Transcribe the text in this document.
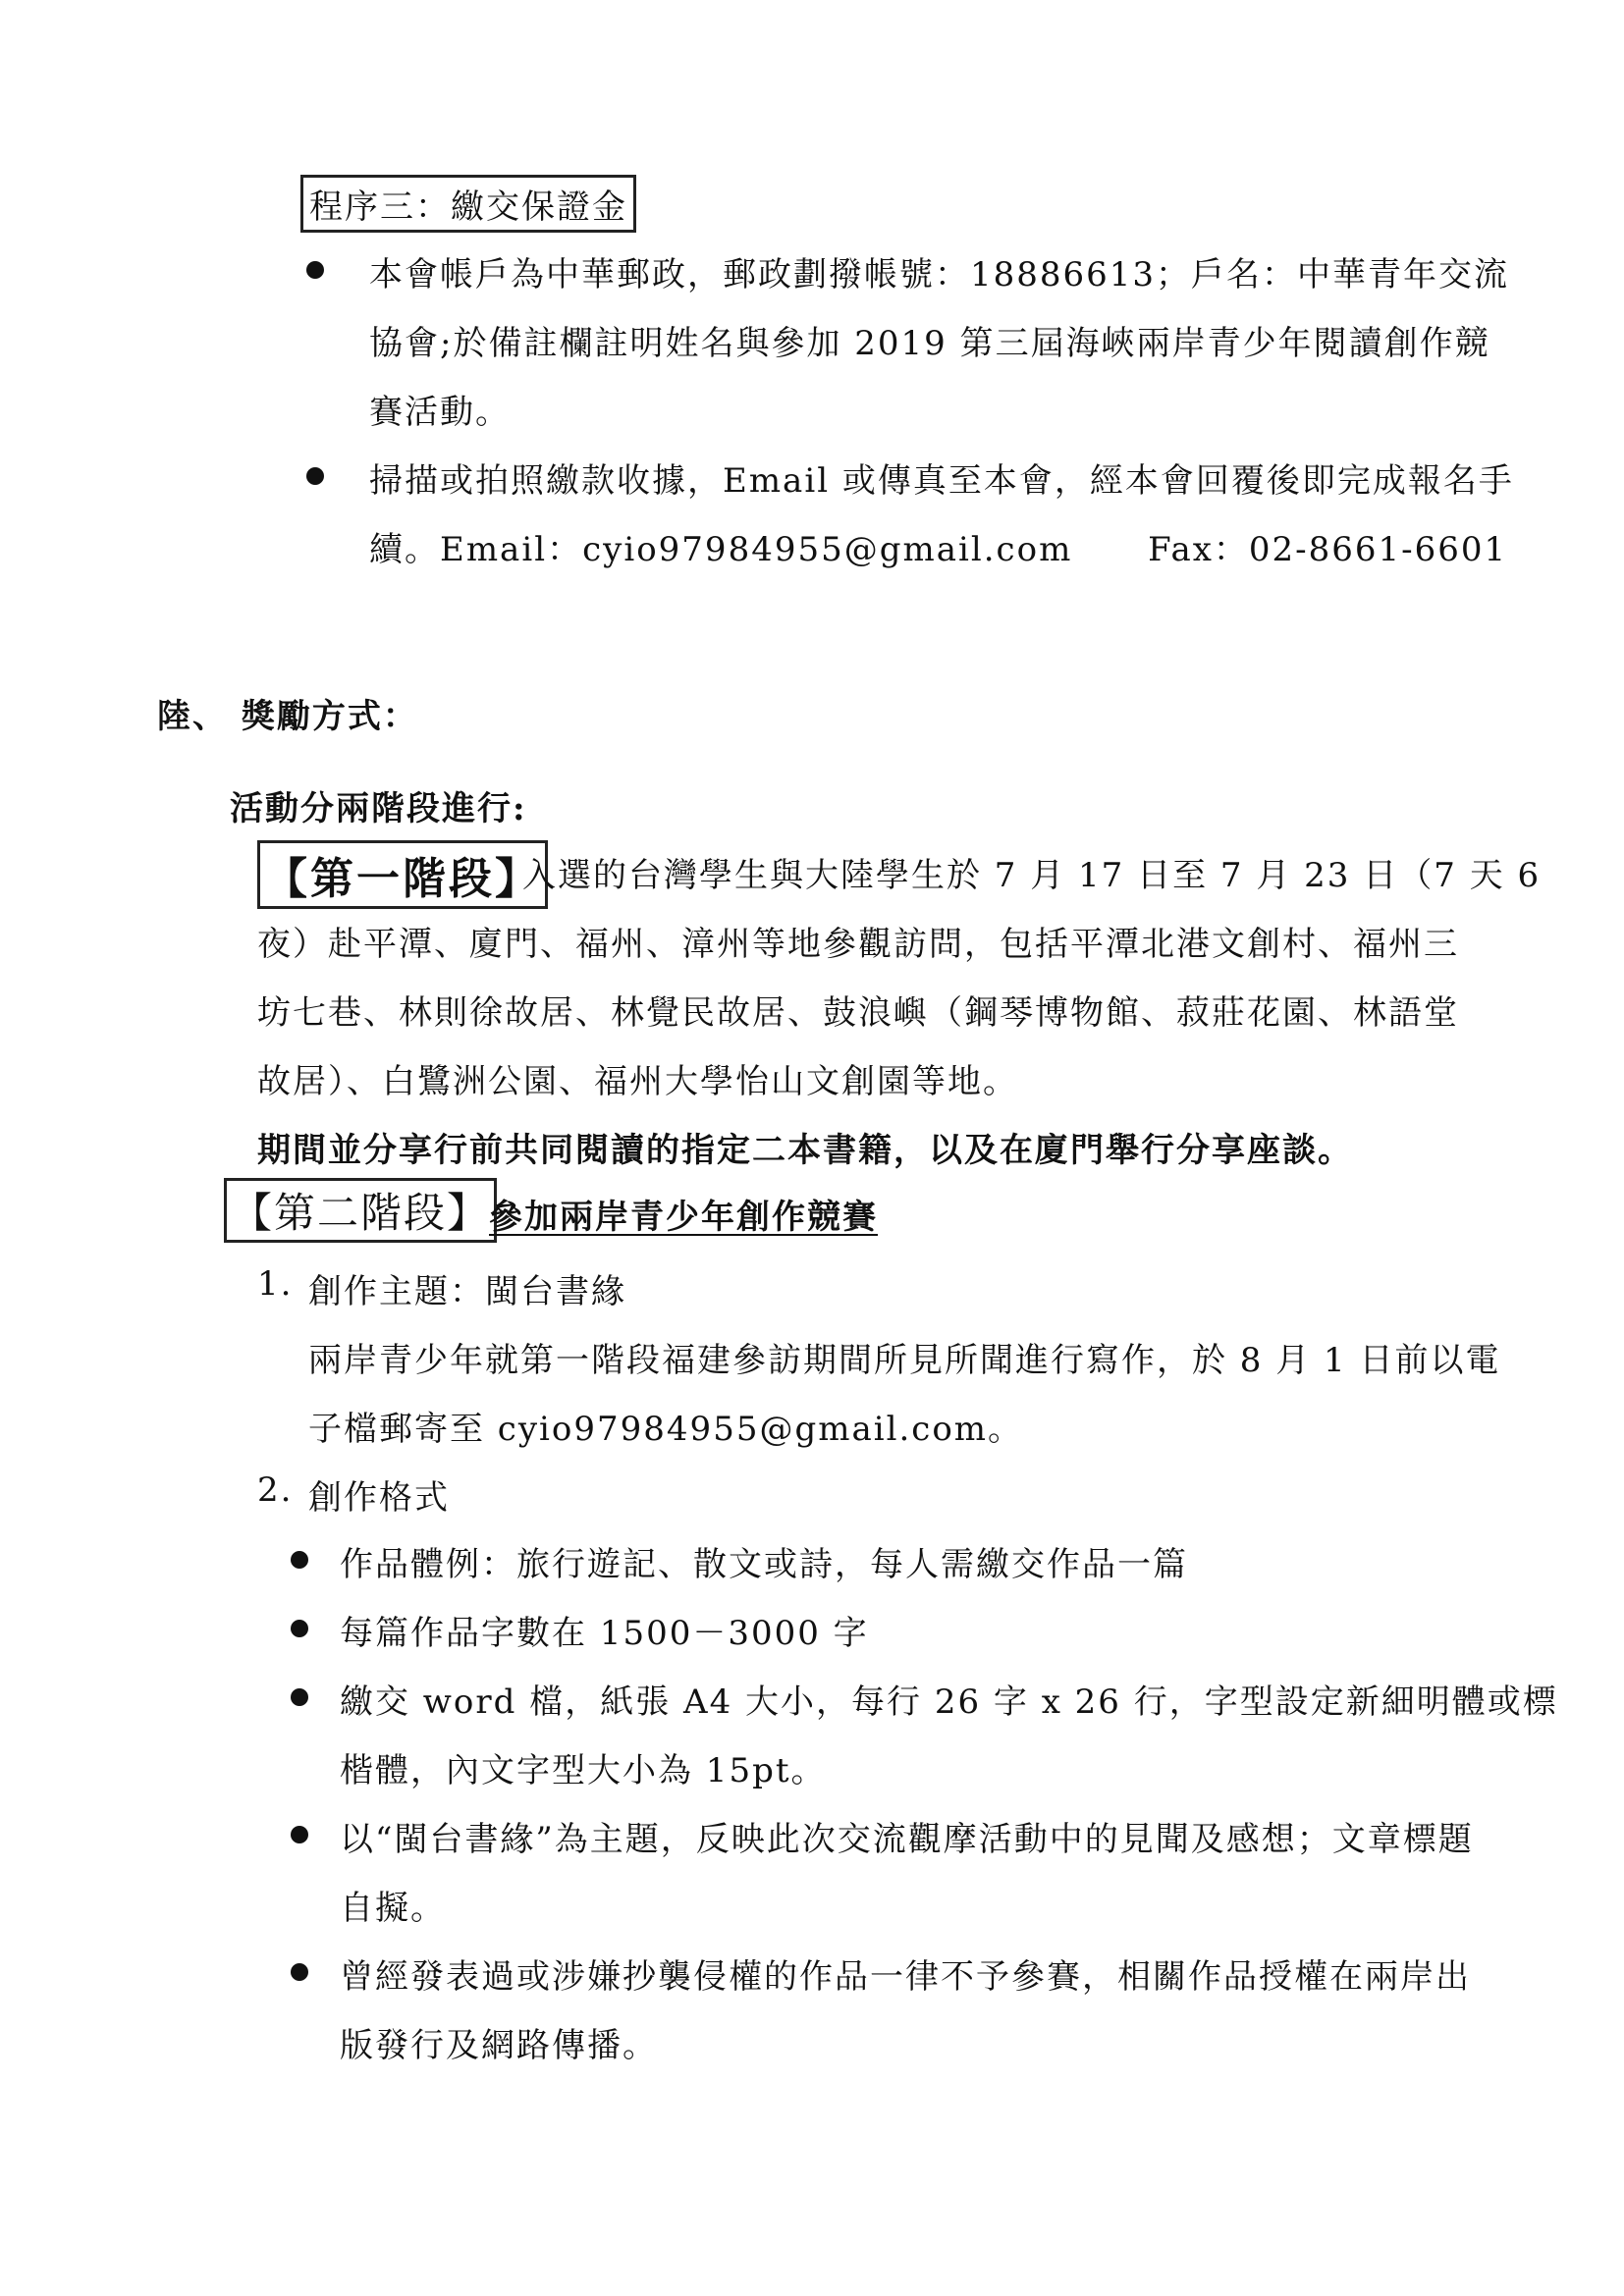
程序三：繳交保證金
本會帳戶為中華郵政，郵政劃撥帳號：18886613；戶名：中華青年交流
協會;於備註欄註明姓名與參加 2019 第三屆海峽兩岸青少年閱讀創作競
賽活動。
掃描或拍照繳款收據，Email 或傳真至本會，經本會回覆後即完成報名手
續。Email：cyio97984955@gmail.com      Fax：02-8661-6601
陸、 獎勵方式：
活動分兩階段進行:
【第一階段】
入選的台灣學生與大陸學生於 7 月 17 日至 7 月 23 日（7 天 6
夜）赴平潭、廈門、福州、漳州等地參觀訪問，包括平潭北港文創村、福州三
坊七巷、林則徐故居、林覺民故居、鼓浪嶼（鋼琴博物館、菽莊花園、林語堂
故居）、白鷺洲公園、福州大學怡山文創園等地。
期間並分享行前共同閱讀的指定二本書籍，以及在廈門舉行分享座談。
【第二階段】
參加兩岸青少年創作競賽
1. 創作主題：閩台書緣
兩岸青少年就第一階段福建參訪期間所見所聞進行寫作，於 8 月 1 日前以電
子檔郵寄至 cyio97984955@gmail.com。
2. 創作格式
作品體例：旅行遊記、散文或詩，每人需繳交作品一篇
每篇作品字數在 1500－3000 字
繳交 word 檔，紙張 A4 大小，每行 26 字 x 26 行，字型設定新細明體或標
楷體，內文字型大小為 15pt。
以“閩台書緣”為主題，反映此次交流觀摩活動中的見聞及感想；文章標題
自擬。
曾經發表過或涉嫌抄襲侵權的作品一律不予參賽，相關作品授權在兩岸出
版發行及網路傳播。
